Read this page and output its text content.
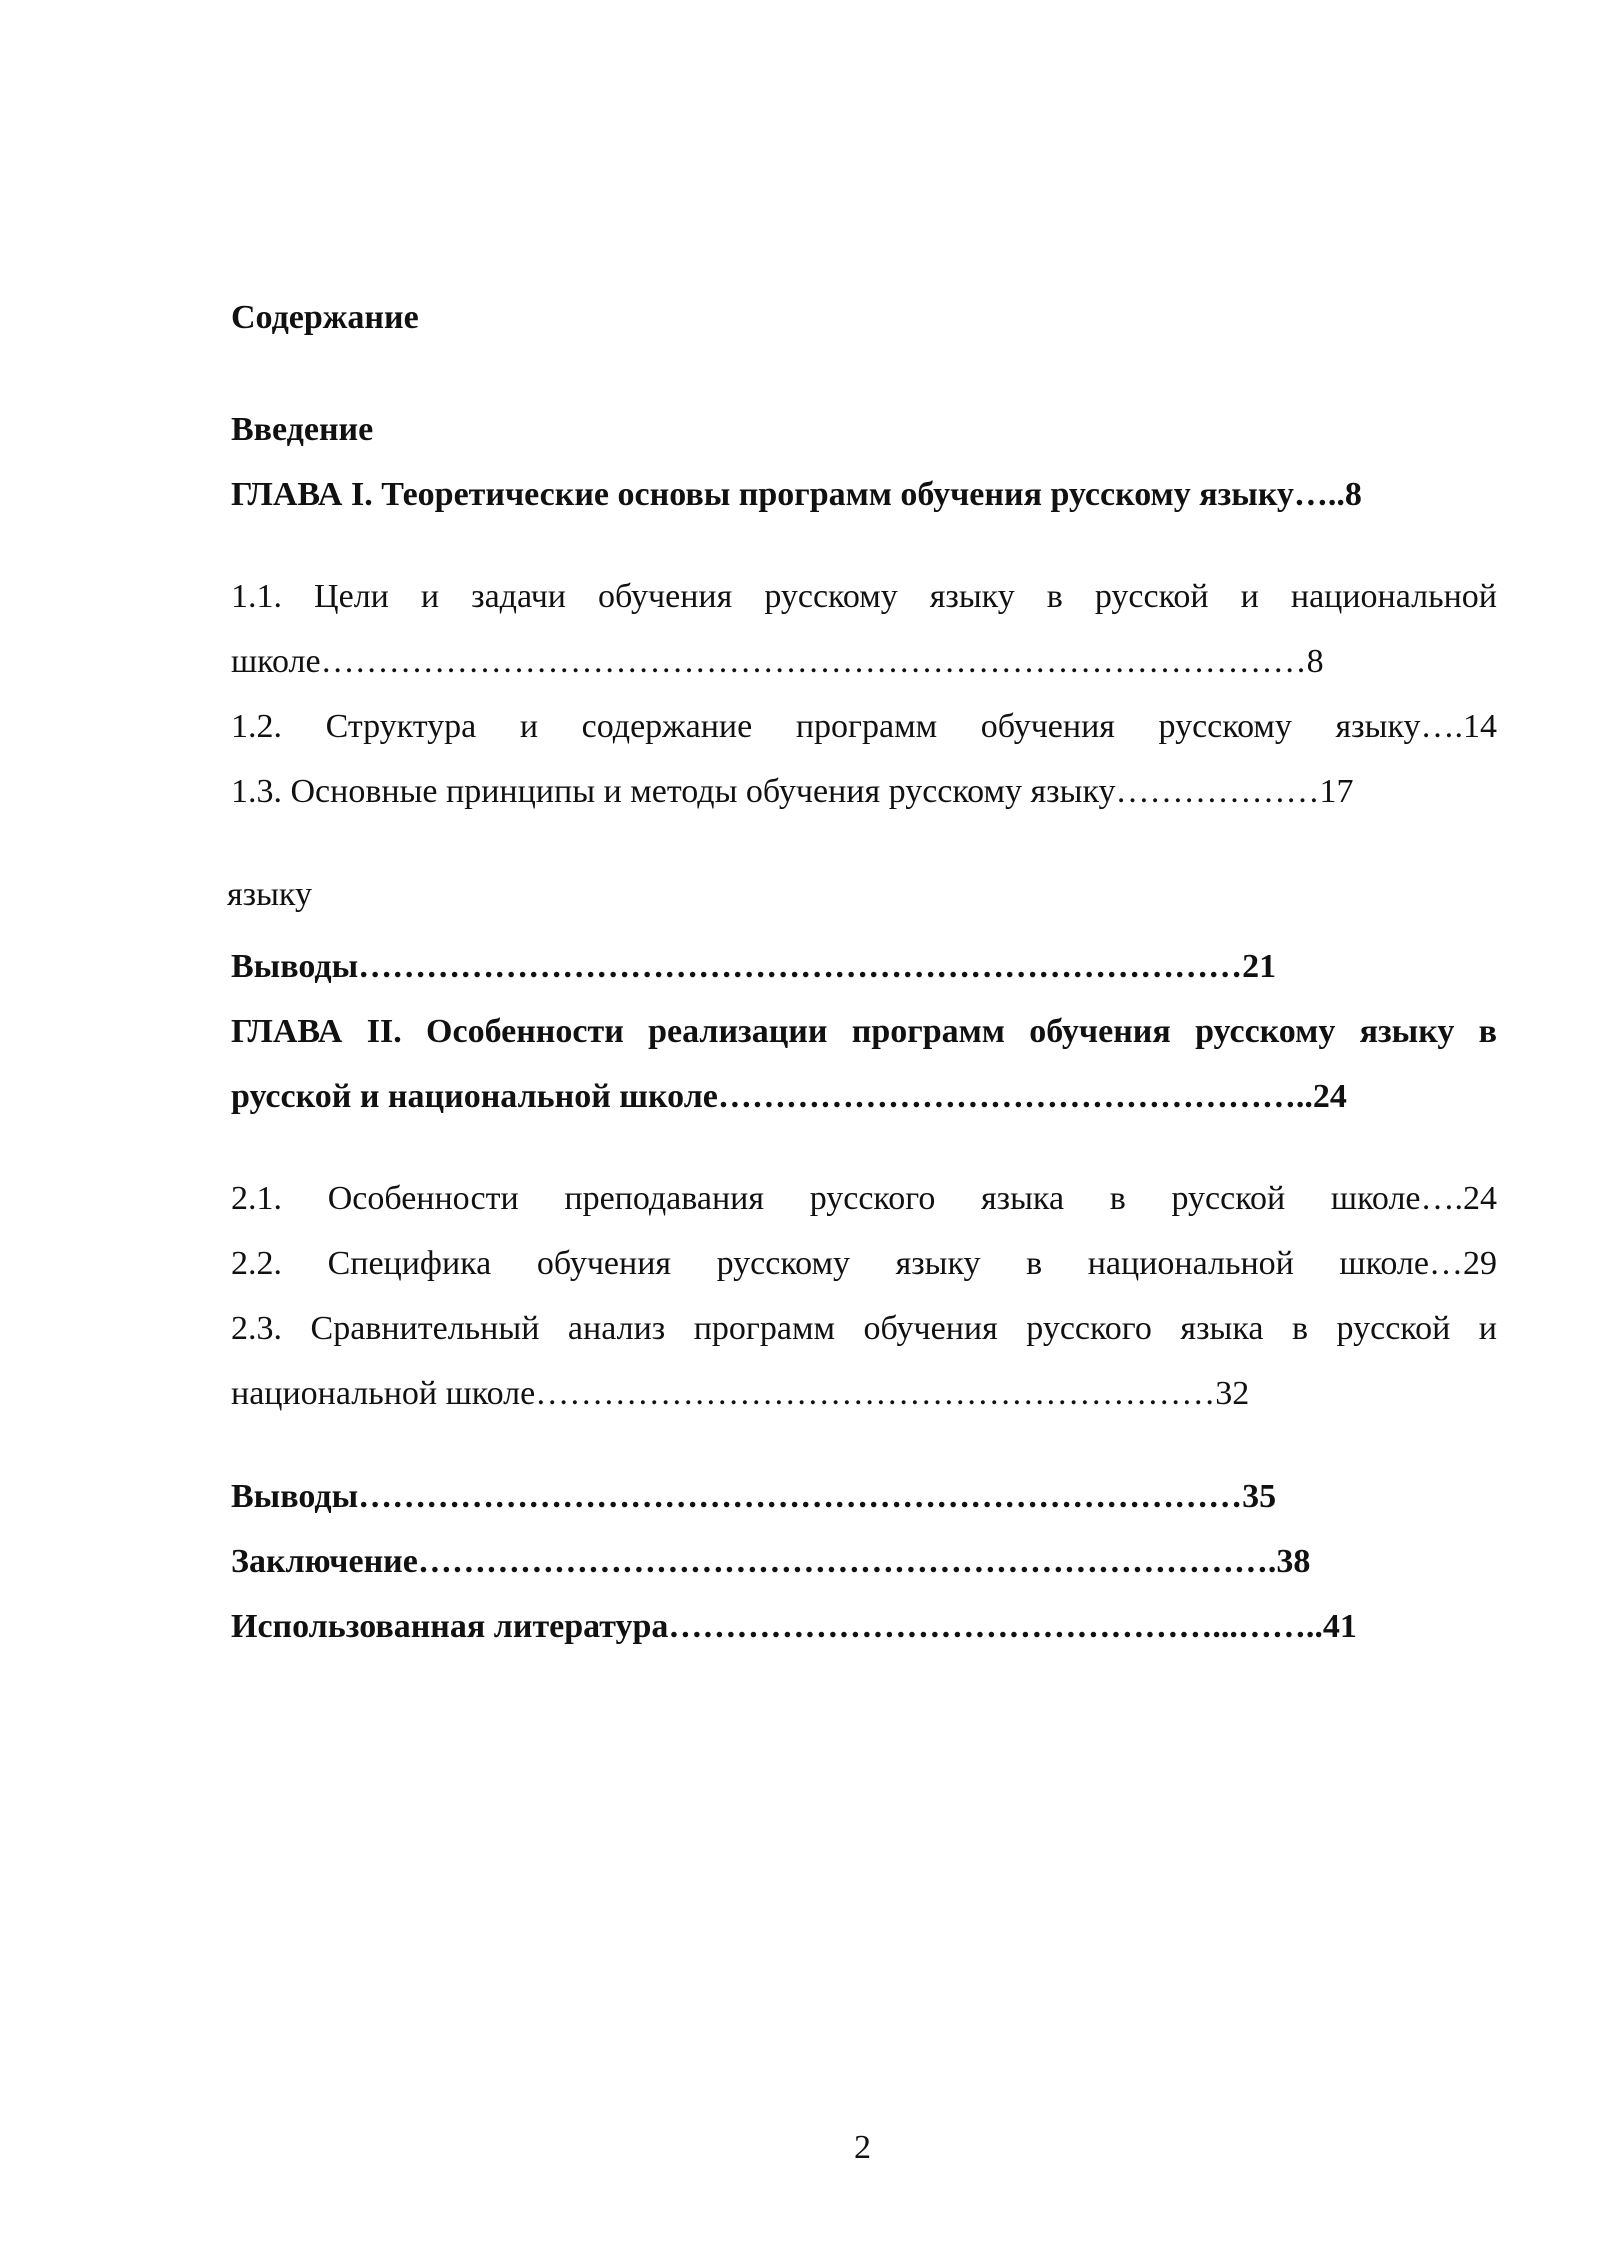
Содержание
Введение
ГЛАВА I. Теоретические основы программ обучения русскому языку…..8
1.1. Цели и задачи обучения русскому языку в русской и национальной
школе……………………………………………………………………………8
1.2. Структура и содержание программ обучения русскому языку….14
1.3. Основные принципы и методы обучения русскому языку………………17
языку
Выводы……………………………………………………………………21
ГЛАВА II. Особенности реализации программ обучения русскому языку в
русской и национальной школе……………………………………………..24
2.1. Особенности преподавания русского языка в русской школе….24
2.2. Специфика обучения русскому языку в национальной школе…29
2.3. Сравнительный анализ программ обучения русского языка в русской и
национальной школе……………………………………………………32
Выводы……………………………………………………………………35
Заключение………………………………………………………………….38
Использованная литература…………………………………………...……..41
2
